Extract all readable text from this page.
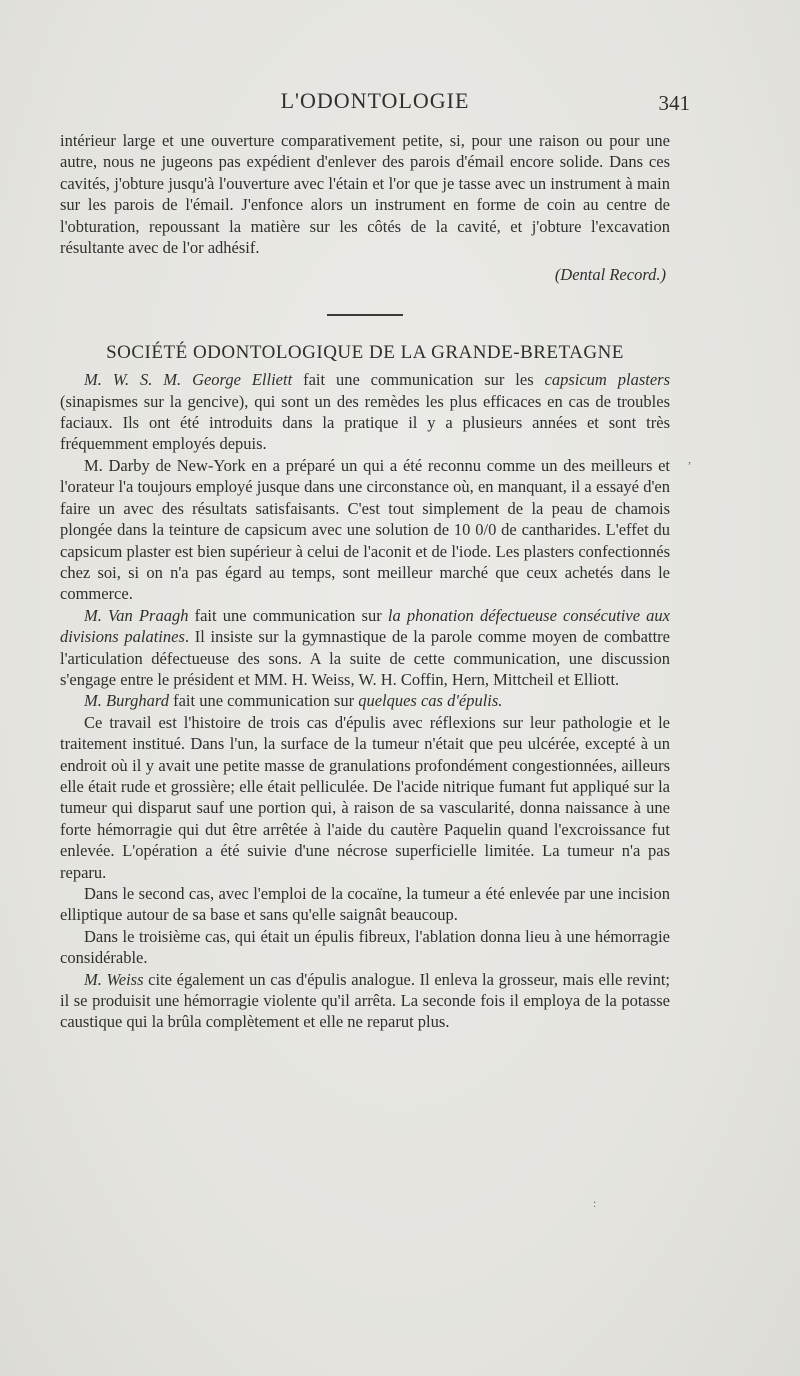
L'ODONTOLOGIE	341

intérieur large et une ouverture comparativement petite, si, pour une raison ou pour une autre, nous ne jugeons pas expédient d'enlever des parois d'émail encore solide. Dans ces cavités, j'obture jusqu'à l'ouverture avec l'étain et l'or que je tasse avec un instrument à main sur les parois de l'émail. J'enfonce alors un instrument en forme de coin au centre de l'obturation, repoussant la matière sur les côtés de la cavité, et j'obture l'excavation résultante avec de l'or adhésif.

(Dental Record.)

SOCIÉTÉ ODONTOLOGIQUE DE LA GRANDE-BRETAGNE

M. W. S. M. George Elliett fait une communication sur les capsicum plasters (sinapismes sur la gencive), qui sont un des remèdes les plus efficaces en cas de troubles faciaux. Ils ont été introduits dans la pratique il y a plusieurs années et sont très fréquemment employés depuis.

M. Darby de New-York en a préparé un qui a été reconnu comme un des meilleurs et l'orateur l'a toujours employé jusque dans une circonstance où, en manquant, il a essayé d'en faire un avec des résultats satisfaisants. C'est tout simplement de la peau de chamois plongée dans la teinture de capsicum avec une solution de 10 0/0 de cantharides. L'effet du capsicum plaster est bien supérieur à celui de l'aconit et de l'iode. Les plasters confectionnés chez soi, si on n'a pas égard au temps, sont meilleur marché que ceux achetés dans le commerce.

M. Van Praagh fait une communication sur la phonation défectueuse consécutive aux divisions palatines. Il insiste sur la gymnastique de la parole comme moyen de combattre l'articulation défectueuse des sons. A la suite de cette communication, une discussion s'engage entre le président et MM. H. Weiss, W. H. Coffin, Hern, Mittcheil et Elliott.

M. Burghard fait une communication sur quelques cas d'épulis.

Ce travail est l'histoire de trois cas d'épulis avec réflexions sur leur pathologie et le traitement institué. Dans l'un, la surface de la tumeur n'était que peu ulcérée, excepté à un endroit où il y avait une petite masse de granulations profondément congestionnées, ailleurs elle était rude et grossière; elle était pelliculée. De l'acide nitrique fumant fut appliqué sur la tumeur qui disparut sauf une portion qui, à raison de sa vascularité, donna naissance à une forte hémorragie qui dut être arrêtée à l'aide du cautère Paquelin quand l'excroissance fut enlevée. L'opération a été suivie d'une nécrose superficielle limitée. La tumeur n'a pas reparu.

Dans le second cas, avec l'emploi de la cocaïne, la tumeur a été enlevée par une incision elliptique autour de sa base et sans qu'elle saignât beaucoup.

Dans le troisième cas, qui était un épulis fibreux, l'ablation donna lieu à une hémorragie considérable.

M. Weiss cite également un cas d'épulis analogue. Il enleva la grosseur, mais elle revint; il se produisit une hémorragie violente qu'il arrêta. La seconde fois il employa de la potasse caustique qui la brûla complètement et elle ne reparut plus.

,
:
